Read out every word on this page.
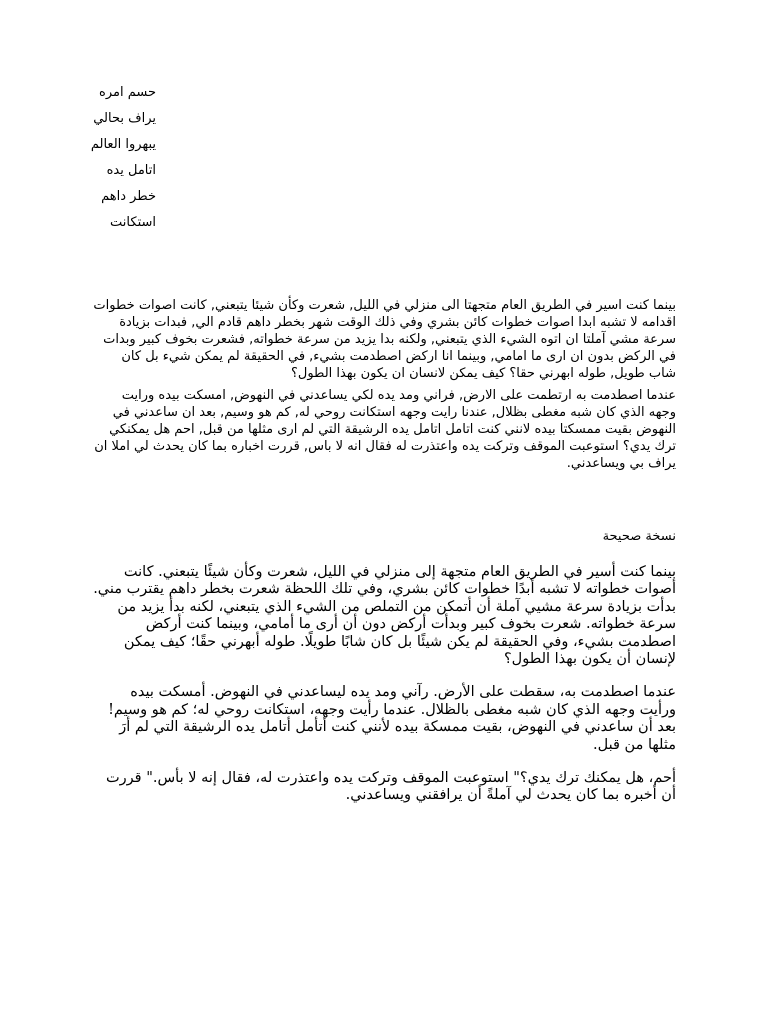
حسم امره
يراف بحالي
يبهروا العالم
اتامل يده
خطر داهم
استكانت

بينما كنت اسير في الطريق العام متجهتا الى منزلي في الليل, شعرت وكأن شيئا يتبعني, كانت اصوات خطوات اقدامه لا تشبه ابدا اصوات خطوات كائن بشري وفي ذلك الوقت شهر بخطر داهم قادم الي, فبدات بزيادة سرعة مشي آملتا ان اتوه الشيء الذي يتبعني, ولكنه بدا يزيد من سرعة خطواته, فشعرت بخوف كبير وبدات في الركض بدون ان ارى ما امامي, وبينما انا اركض اصطدمت بشيء, في الحقيقة لم يمكن شيء بل كان شاب طويل, طوله ابهرني حقا؟ كيف يمكن لانسان ان يكون بهذا الطول؟

عندما اصطدمت به ارتطمت على الارض, فراني ومد يده لكي يساعدني في النهوض, امسكت بيده ورايت وجهه الذي كان شبه مغطى بظلال, عندنا رايت وجهه استكانت روحي له, كم هو وسيم, بعد ان ساعدني في النهوض بقيت ممسكتا بيده لانني كنت اتامل اتامل يده الرشيقة التي لم ارى مثلها من قبل, احم هل يمكنكي ترك يدي؟ استوعبت الموقف وتركت يده واعتذرت له فقال انه لا باس, قررت اخباره بما كان يحدث لي املا ان يراف بي ويساعدني.

نسخة صحيحة

بينما كنت أسير في الطريق العام متجهة إلى منزلي في الليل، شعرت وكأن شيئًا يتبعني. كانت أصوات خطواته لا تشبه أبدًا خطوات كائن بشري، وفي تلك اللحظة شعرت بخطر داهم يقترب مني. بدأت بزيادة سرعة مشيي آملة أن أتمكن من التملص من الشيء الذي يتبعني، لكنه بدأ يزيد من سرعة خطواته. شعرت بخوف كبير وبدأت أركض دون أن أرى ما أمامي، وبينما كنت أركض اصطدمت بشيء، وفي الحقيقة لم يكن شيئًا بل كان شابًا طويلًا. طوله أبهرني حقًا؛ كيف يمكن لإنسان أن يكون بهذا الطول؟

عندما اصطدمت به، سقطت على الأرض. رآني ومد يده ليساعدني في النهوض. أمسكت بيده ورأيت وجهه الذي كان شبه مغطى بالظلال. عندما رأيت وجهه، استكانت روحي له؛ كم هو وسيم! بعد أن ساعدني في النهوض، بقيت ممسكة بيده لأنني كنت أتأمل أتامل يده الرشيقة التي لم أرَ مثلها من قبل.

أحم، هل يمكنك ترك يدي؟" استوعبت الموقف وتركت يده واعتذرت له، فقال إنه لا بأس." قررت أن أخبره بما كان يحدث لي آملةً أن يرافقني ويساعدني.
